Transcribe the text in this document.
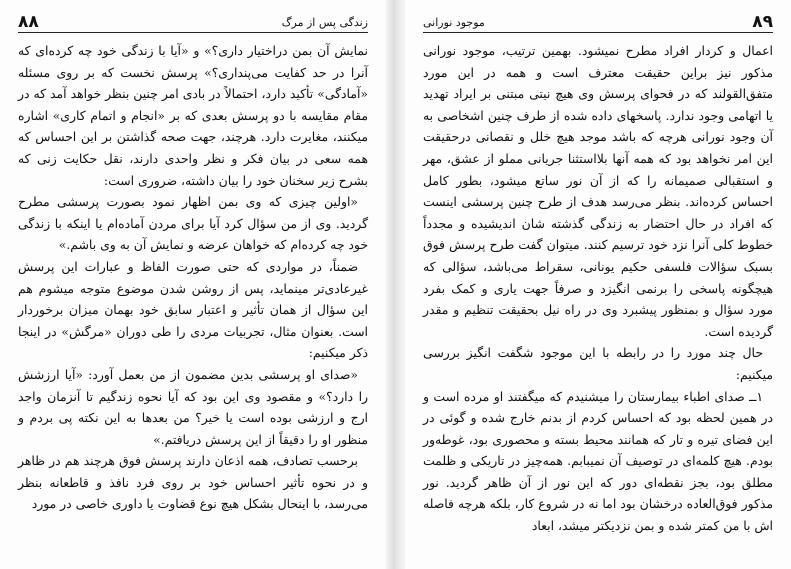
۸۸	زندگی پس از مرگ

نمایش آن بمن دراختیار داری؟» و «آیا با زندگی خود چه کرده‌ای که آنرا در حد کفایت می‌پنداری؟» پرسش نخست که بر روی مسئله «آمادگی» تأکید دارد، احتمالاً در بادی امر چنین بنظر خواهد آمد که در مقام مقایسه با دو پرسش بعدی که بر «انجام و اتمام کاری» اشاره میکنند، مغایرت دارد. هرچند، جهت صحه گذاشتن بر این احساس که همه سعی در بیان فکر و نظر واحدی دارند، نقل حکایت زنی که بشرح زیر سخنان خود را بیان داشته، ضروری است:

«اولین چیزی که وی بمن اظهار نمود بصورت پرسشی مطرح گردید. وی از من سؤال کرد آیا برای مردن آماده‌ام یا اینکه با زندگی خود چه کرده‌ام که خواهان عرضه و نمایش آن به وی باشم.»

ضمناً، در مواردی که حتی صورت الفاظ و عبارات این پرسش غیرعادی‌تر مینماید، پس از روشن شدن موضوع متوجه میشوم هم این سؤال از همان تأثیر و اعتبار سابق خود بهمان میزان برخوردار است. بعنوان مثال، تجربیات مردی را طی دوران «مرگش» در اینجا ذکر میکنیم:

«صدای او پرسشی بدین مضمون از من بعمل آورد: «آیا ارزشش را دارد؟» و مقصود وی این بود که آیا نحوه زندگیم تا آنزمان واجد ارج و ارزشی بوده است یا خیر؟ من بعدها به این نکته پی بردم و منظور او را دقیقاً از این پرسش دریافتم.»

برحسب تصادف، همه اذعان دارند پرسش فوق هرچند هم در ظاهر و در نحوه تأثیر احساس خود بر روی فرد نافذ و قاطعانه بنظر می‌رسد، با اینحال بشکل هیچ نوع قضاوت یا داوری خاصی در مورد

موجود نورانی	۸۹

اعمال و کردار افراد مطرح نمیشود. بهمین ترتیب، موجود نورانی مذکور نیز براین حقیقت معترف است و همه در این مورد متفق‌القولند که در فحوای پرسش وی هیچ نیتی مبتنی بر ایراد تهدید یا اتهامی وجود ندارد. پاسخهای داده شده از طرف چنین اشخاصی به آن وجود نورانی هرچه که باشد موجد هیچ خلل و نقصانی درحقیقت این امر نخواهد بود که همه آنها بلااستثنا جریانی مملو از عشق، مهر و استقبالی صمیمانه را که از آن نور ساتع میشود، بطور کامل احساس کرده‌اند. بنظر می‌رسد هدف از طرح چنین پرسشی اینست که افراد در حال احتضار به زندگی گذشته شان اندیشیده و مجدداً خطوط کلی آنرا نزد خود ترسیم کنند. میتوان گفت طرح پرسش فوق بسبک سؤالات فلسفی حکیم یونانی، سقراط می‌باشد، سؤالی که هیچگونه پاسخی را برنمی انگیزد و صرفاً جهت یاری و کمک بفرد مورد سؤال و بمنظور پیشبرد وی در راه نیل بحقیقت تنظیم و مقدر گردیده است.

حال چند مورد را در رابطه با این موجود شگفت انگیز بررسی میکنیم:

۱ــ صدای اطباء بیمارستان را میشنیدم که میگفتند او مرده است و در همین لحظه بود که احساس کردم از بدنم خارج شده و گوئی در این فضای تیره و تار که همانند محیط بسته و محصوری بود، غوطه‌ور بودم. هیچ کلمه‌ای در توصیف آن نمیبابم. همه‌چیز در تاریکی و ظلمت مطلق بود، بجز نقطه‌ای دور که این نور از آن ظاهر گردید. نور مذکور فوق‌العاده درخشان بود اما نه در شروع کار، بلکه هرچه فاصله اش با من کمتر شده و بمن نزدیکتر میشد، ابعاد
